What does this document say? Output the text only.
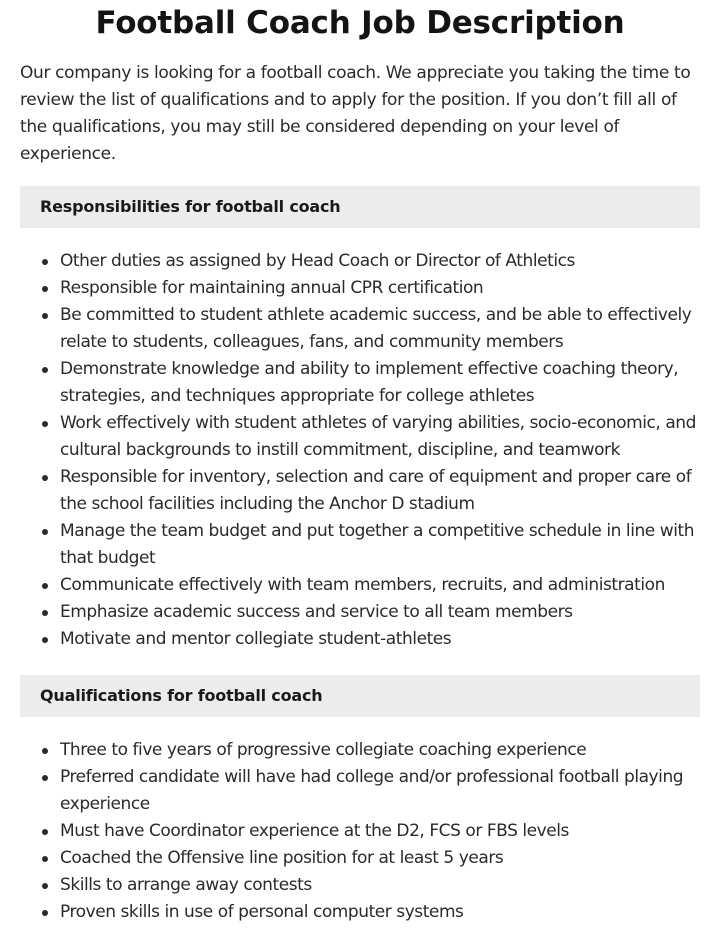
Football Coach Job Description

Our company is looking for a football coach. We appreciate you taking the time to review the list of qualifications and to apply for the position. If you don’t fill all of the qualifications, you may still be considered depending on your level of experience.

Responsibilities for football coach
Other duties as assigned by Head Coach or Director of Athletics
Responsible for maintaining annual CPR certification
Be committed to student athlete academic success, and be able to effectively relate to students, colleagues, fans, and community members
Demonstrate knowledge and ability to implement effective coaching theory, strategies, and techniques appropriate for college athletes
Work effectively with student athletes of varying abilities, socio-economic, and cultural backgrounds to instill commitment, discipline, and teamwork
Responsible for inventory, selection and care of equipment and proper care of the school facilities including the Anchor D stadium
Manage the team budget and put together a competitive schedule in line with that budget
Communicate effectively with team members, recruits, and administration
Emphasize academic success and service to all team members
Motivate and mentor collegiate student-athletes
Qualifications for football coach
Three to five years of progressive collegiate coaching experience
Preferred candidate will have had college and/or professional football playing experience
Must have Coordinator experience at the D2, FCS or FBS levels
Coached the Offensive line position for at least 5 years
Skills to arrange away contests
Proven skills in use of personal computer systems
